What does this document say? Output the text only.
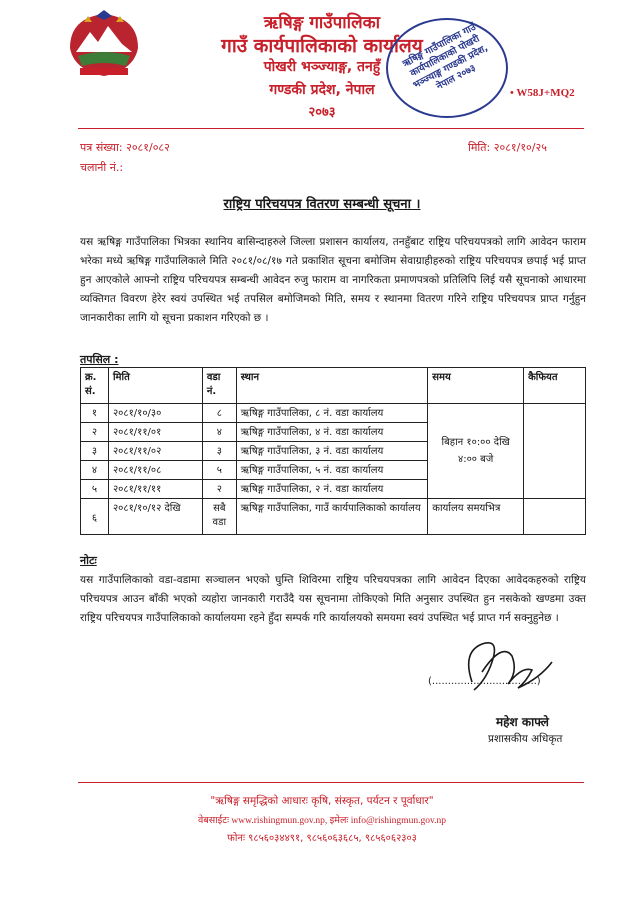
ऋषिङ्ग गाउँपालिका
गाउँ कार्यपालिकाको कार्यालय
पोखरी भञ्ज्याङ्ग, तनहुँ
गण्डकी प्रदेश, नेपाल
२०७३
ऋषिङ्ग गाउँपालिका गाउँ कार्यपालिकाको पोखरी भञ्ज्याङ्ग गण्डकी प्रदेश, नेपाल २०७३
• W58J+MQ2
पत्र संख्या: २०८१/०८२
चलानी नं.:
मिति: २०८१/१०/२५
राष्ट्रिय परिचयपत्र वितरण सम्बन्धी सूचना ।
यस ऋषिङ्ग गाउँपालिका भित्रका स्थानिय बासिन्दाहरुले जिल्ला प्रशासन कार्यालय, तनहुँबाट राष्ट्रिय परिचयपत्रको लागि आवेदन फाराम भरेका मध्ये ऋषिङ्ग गाउँपालिकाले मिति २०८१/०८/१७ गते प्रकाशित सूचना बमोजिम सेवाग्राहीहरुको राष्ट्रिय परिचयपत्र छपाई भई प्राप्त हुन आएकोले आफ्नो राष्ट्रिय परिचयपत्र सम्बन्धी आवेदन रुजु फाराम वा नागरिकता प्रमाणपत्रको प्रतिलिपि लिई यसै सूचनाको आधारमा व्यक्तिगत विवरण हेरेर स्वयं उपस्थित भई तपसिल बमोजिमको मिति, समय र स्थानमा वितरण गरिने राष्ट्रिय परिचयपत्र प्राप्त गर्नुहुन जानकारीका लागि यो सूचना प्रकाशन गरिएको छ ।
तपसिल :
क्र. सं.	मिति	वडा नं.	स्थान	समय	कैफियत
१	२०८१/१०/३०	८	ऋषिङ्ग गाउँपालिका, ८ नं. वडा कार्यालय	बिहान १०:०० देखि ४:०० बजे	
२	२०८१/११/०१	४	ऋषिङ्ग गाउँपालिका, ४ नं. वडा कार्यालय		
३	२०८१/११/०२	३	ऋषिङ्ग गाउँपालिका, ३ नं. वडा कार्यालय		
४	२०८१/११/०८	५	ऋषिङ्ग गाउँपालिका, ५ नं. वडा कार्यालय		
५	२०८१/११/११	२	ऋषिङ्ग गाउँपालिका, २ नं. वडा कार्यालय		
६	२०८१/१०/१२ देखि	सबै वडा	ऋषिङ्ग गाउँपालिका, गाउँ कार्यपालिकाको कार्यालय	कार्यालय समयभित्र	
नोटः
यस गाउँपालिकाको वडा-वडामा सञ्चालन भएको घुम्ति शिविरमा राष्ट्रिय परिचयपत्रका लागि आवेदन दिएका आवेदकहरुको राष्ट्रिय परिचयपत्र आउन बाँकी भएको व्यहोरा जानकारी गराउँदै यस सूचनामा तोकिएको मिति अनुसार उपस्थित हुन नसकेको खण्डमा उक्त राष्ट्रिय परिचयपत्र गाउँपालिकाको कार्यालयमा रहने हुँदा सम्पर्क गरि कार्यालयको समयमा स्वयं उपस्थित भई प्राप्त गर्न सक्नुहुनेछ ।
(.................................)
महेश काफ्ले
प्रशासकीय अधिकृत
"ऋषिङ्ग समृद्धिको आधारः कृषि, संस्कृत, पर्यटन र पूर्वाधार"
वेबसाईटः www.rishingmun.gov.np, इमेलः info@rishingmun.gov.np
फोनः ९८५६०३४४९१, ९८५६०६३६८५, ९८५६०६२३०३
